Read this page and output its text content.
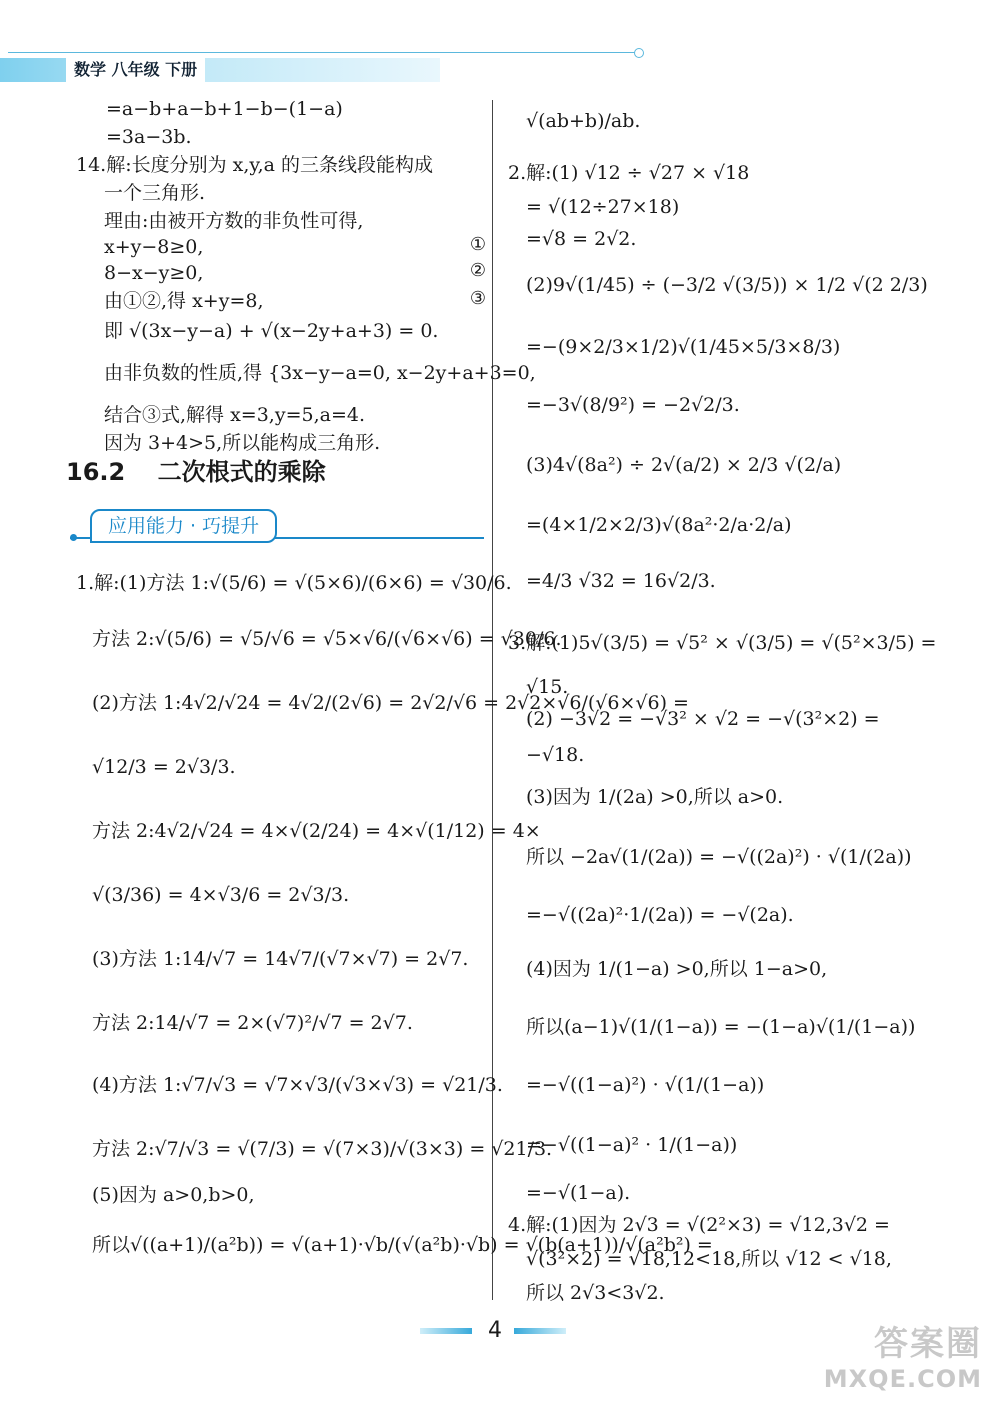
数学 八年级 下册
=a−b+a−b+1−b−(1−a)
=3a−3b.
14.解:长度分别为 x,y,a 的三条线段能构成
一个三角形.
理由:由被开方数的非负性可得,
x+y−8≥0,
8−x−y≥0,
由①②,得 x+y=8,
①
②
③
即 √(3x−y−a) + √(x−2y+a+3) = 0.
由非负数的性质,得 {3x−y−a=0, x−2y+a+3=0,
结合③式,解得 x=3,y=5,a=4.
因为 3+4>5,所以能构成三角形.
16.2 二次根式的乘除
应用能力 · 巧提升
1.解:(1)方法 1:√(5/6) = √(5×6)/(6×6) = √30/6.
方法 2:√(5/6) = √5/√6 = √5×√6/(√6×√6) = √30/6.
(2)方法 1:4√2/√24 = 4√2/(2√6) = 2√2/√6 = 2√2×√6/(√6×√6) =
√12/3 = 2√3/3.
方法 2:4√2/√24 = 4×√(2/24) = 4×√(1/12) = 4×
√(3/36) = 4×√3/6 = 2√3/3.
(3)方法 1:14/√7 = 14√7/(√7×√7) = 2√7.
方法 2:14/√7 = 2×(√7)²/√7 = 2√7.
(4)方法 1:√7/√3 = √7×√3/(√3×√3) = √21/3.
方法 2:√7/√3 = √(7/3) = √(7×3)/√(3×3) = √21/3.
(5)因为 a>0,b>0,
所以√((a+1)/(a²b)) = √(a+1)·√b/(√(a²b)·√b) = √(b(a+1))/√(a²b²) =
√(ab+b)/ab.
2.解:(1) √12 ÷ √27 × √18
= √(12÷27×18)
=√8 = 2√2.
(2)9√(1/45) ÷ (−3/2 √(3/5)) × 1/2 √(2 2/3)
=−(9×2/3×1/2)√(1/45×5/3×8/3)
=−3√(8/9²) = −2√2/3.
(3)4√(8a²) ÷ 2√(a/2) × 2/3 √(2/a)
=(4×1/2×2/3)√(8a²·2/a·2/a)
=4/3 √32 = 16√2/3.
3.解:(1)5√(3/5) = √5² × √(3/5) = √(5²×3/5) =
√15.
(2) −3√2 = −√3² × √2 = −√(3²×2) =
−√18.
(3)因为 1/(2a) >0,所以 a>0.
所以 −2a√(1/(2a)) = −√((2a)²) · √(1/(2a))
=−√((2a)²·1/(2a)) = −√(2a).
(4)因为 1/(1−a) >0,所以 1−a>0,
所以(a−1)√(1/(1−a)) = −(1−a)√(1/(1−a))
=−√((1−a)²) · √(1/(1−a))
=−√((1−a)² · 1/(1−a))
=−√(1−a).
4.解:(1)因为 2√3 = √(2²×3) = √12,3√2 =
√(3²×2) = √18,12<18,所以 √12 < √18,
所以 2√3<3√2.
4	答案圈
MXQE.COM
